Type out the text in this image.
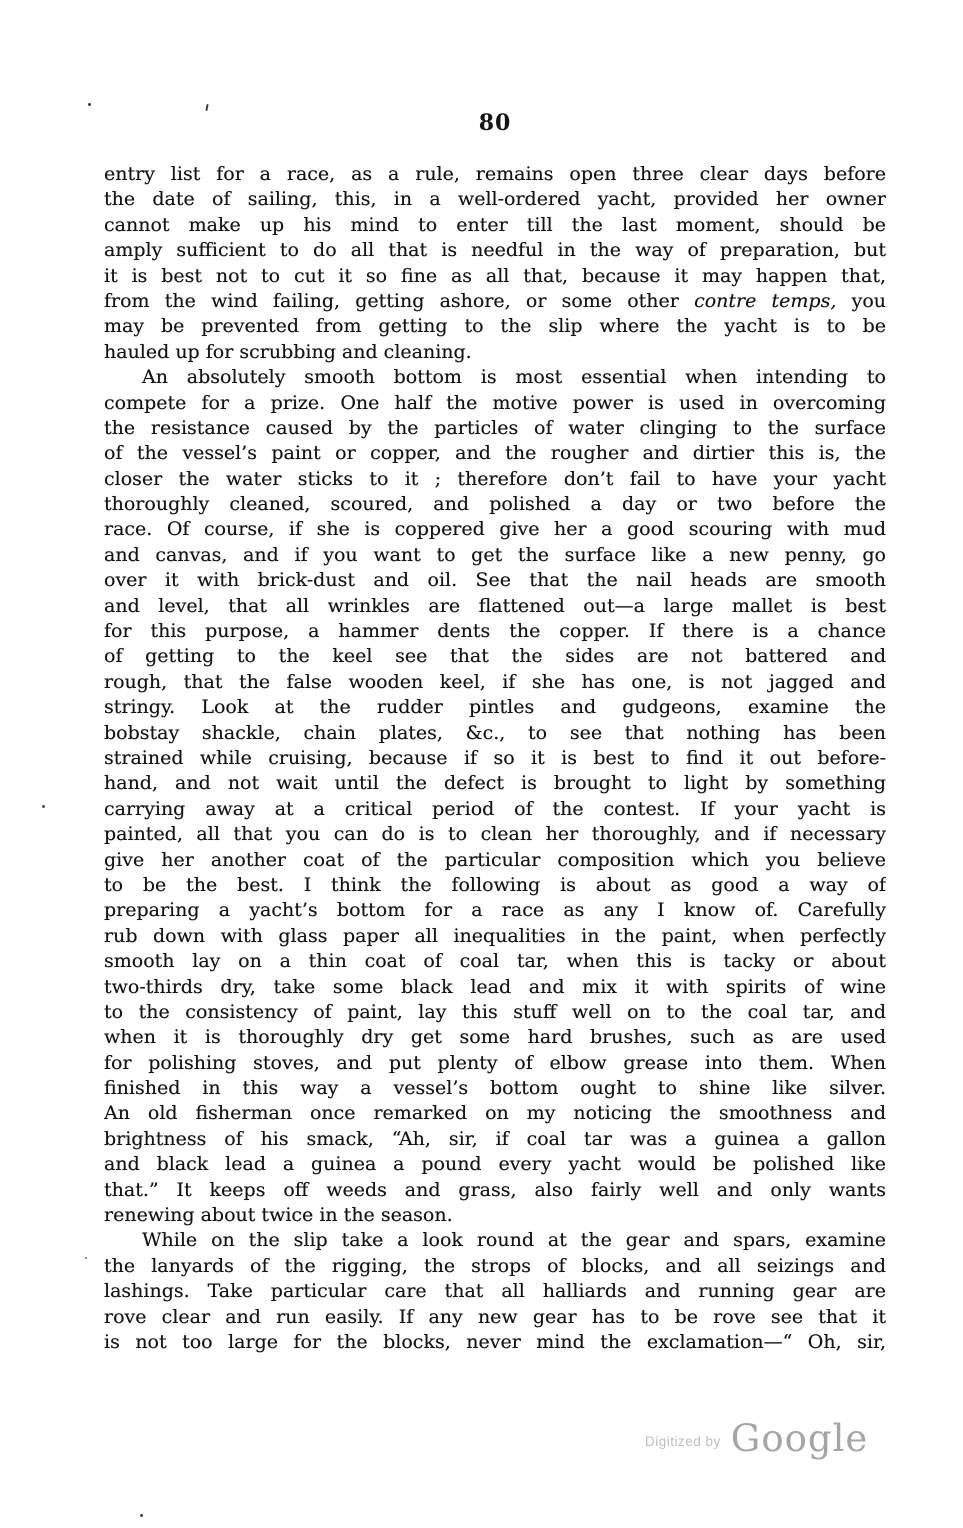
80
entry list for a race, as a rule, remains open three clear days before
the date of sailing, this, in a well-ordered yacht, provided her owner
cannot make up his mind to enter till the last moment, should be
amply sufficient to do all that is needful in the way of preparation, but
it is best not to cut it so fine as all that, because it may happen that,
from the wind failing, getting ashore, or some other contre temps, you
may be prevented from getting to the slip where the yacht is to be
hauled up for scrubbing and cleaning.
An absolutely smooth bottom is most essential when intending to
compete for a prize. One half the motive power is used in overcoming
the resistance caused by the particles of water clinging to the surface
of the vessel’s paint or copper, and the rougher and dirtier this is, the
closer the water sticks to it ; therefore don’t fail to have your yacht
thoroughly cleaned, scoured, and polished a day or two before the
race. Of course, if she is coppered give her a good scouring with mud
and canvas, and if you want to get the surface like a new penny, go
over it with brick-dust and oil. See that the nail heads are smooth
and level, that all wrinkles are flattened out—a large mallet is best
for this purpose, a hammer dents the copper. If there is a chance
of getting to the keel see that the sides are not battered and
rough, that the false wooden keel, if she has one, is not jagged and
stringy. Look at the rudder pintles and gudgeons, examine the
bobstay shackle, chain plates, &c., to see that nothing has been
strained while cruising, because if so it is best to find it out before-
hand, and not wait until the defect is brought to light by something
carrying away at a critical period of the contest. If your yacht is
painted, all that you can do is to clean her thoroughly, and if necessary
give her another coat of the particular composition which you believe
to be the best. I think the following is about as good a way of
preparing a yacht’s bottom for a race as any I know of. Carefully
rub down with glass paper all inequalities in the paint, when perfectly
smooth lay on a thin coat of coal tar, when this is tacky or about
two-thirds dry, take some black lead and mix it with spirits of wine
to the consistency of paint, lay this stuff well on to the coal tar, and
when it is thoroughly dry get some hard brushes, such as are used
for polishing stoves, and put plenty of elbow grease into them. When
finished in this way a vessel’s bottom ought to shine like silver.
An old fisherman once remarked on my noticing the smoothness and
brightness of his smack, “Ah, sir, if coal tar was a guinea a gallon
and black lead a guinea a pound every yacht would be polished like
that.” It keeps off weeds and grass, also fairly well and only wants
renewing about twice in the season.
While on the slip take a look round at the gear and spars, examine
the lanyards of the rigging, the strops of blocks, and all seizings and
lashings. Take particular care that all halliards and running gear are
rove clear and run easily. If any new gear has to be rove see that it
is not too large for the blocks, never mind the exclamation—“ Oh, sir,
Digitized by Google
